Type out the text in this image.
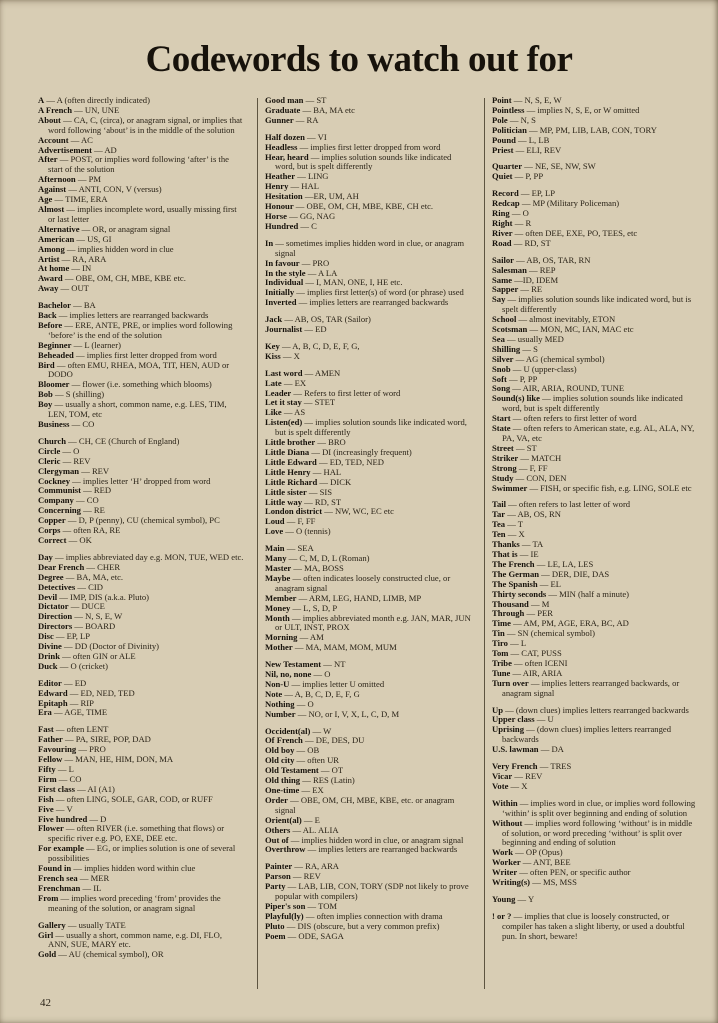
Codewords to watch out for
A — A (often directly indicated)
A French — UN, UNE
About — CA, C, (circa), or anagram signal, or implies that word following ‘about’ is in the middle of the solution
Account — AC
Advertisement — AD
After — POST, or implies word following ‘after’ is the start of the solution
Afternoon — PM
Against — ANTI, CON, V (versus)
Age — TIME, ERA
Almost — implies incomplete word, usually missing first or last letter
Alternative — OR, or anagram signal
American — US, GI
Among — implies hidden word in clue
Artist — RA, ARA
At home — IN
Award — OBE, OM, CH, MBE, KBE etc.
Away — OUT
Bachelor — BA
Back — implies letters are rearranged backwards
Before — ERE, ANTE, PRE, or implies word following ‘before’ is the end of the solution
Beginner — L (learner)
Beheaded — implies first letter dropped from word
Bird — often EMU, RHEA, MOA, TIT, HEN, AUD or DODO
Bloomer — flower (i.e. something which blooms)
Bob — S (shilling)
Boy — usually a short, common name, e.g. LES, TIM, LEN, TOM, etc
Business — CO
Church — CH, CE (Church of England)
Circle — O
Cleric — REV
Clergyman — REV
Cockney — implies letter ‘H’ dropped from word
Communist — RED
Company — CO
Concerning — RE
Copper — D, P (penny), CU (chemical symbol), PC
Corps — often RA, RE
Correct — OK
Day — implies abbreviated day e.g. MON, TUE, WED etc.
Dear French — CHER
Degree — BA, MA, etc.
Detectives — CID
Devil — IMP, DIS (a.k.a. Pluto)
Dictator — DUCE
Direction — N, S, E, W
Directors — BOARD
Disc — EP, LP
Divine — DD (Doctor of Divinity)
Drink — often GIN or ALE
Duck — O (cricket)
Editor — ED
Edward — ED, NED, TED
Epitaph — RIP
Era — AGE, TIME
Fast — often LENT
Father — PA, SIRE, POP, DAD
Favouring — PRO
Fellow — MAN, HE, HIM, DON, MA
Fifty — L
Firm — CO
First class — AI (A1)
Fish — often LING, SOLE, GAR, COD, or RUFF
Five — V
Five hundred — D
Flower — often RIVER (i.e. something that flows) or specific river e.g. PO, EXE, DEE etc.
For example — EG, or implies solution is one of several possibilities
Found in — implies hidden word within clue
French sea — MER
Frenchman — IL
From — implies word preceding ‘from’ provides the meaning of the solution, or anagram signal
Gallery — usually TATE
Girl — usually a short, common name, e.g. DI, FLO, ANN, SUE, MARY etc.
Gold — AU (chemical symbol), OR
Good man — ST
Graduate — BA, MA etc
Gunner — RA
Half dozen — VI
Headless — implies first letter dropped from word
Hear, heard — implies solution sounds like indicated word, but is spelt differently
Heather — LING
Henry — HAL
Hesitation —ER, UM, AH
Honour — OBE, OM, CH, MBE, KBE, CH etc.
Horse — GG, NAG
Hundred — C
In — sometimes implies hidden word in clue, or anagram signal
In favour — PRO
In the style — A LA
Individual — I, MAN, ONE, I, HE etc.
Initially — implies first letter(s) of word (or phrase) used
Inverted — implies letters are rearranged backwards
Jack — AB, OS, TAR (Sailor)
Journalist — ED
Key — A, B, C, D, E, F, G,
Kiss — X
Last word — AMEN
Late — EX
Leader — Refers to first letter of word
Let it stay — STET
Like — AS
Listen(ed) — implies solution sounds like indicated word, but is spelt differently
Little brother — BRO
Little Diana — DI (increasingly frequent)
Little Edward — ED, TED, NED
Little Henry — HAL
Little Richard — DICK
Little sister — SIS
Little way — RD, ST
London district — NW, WC, EC etc
Loud — F, FF
Love — O (tennis)
Main — SEA
Many — C, M, D, L (Roman)
Master — MA, BOSS
Maybe — often indicates loosely constructed clue, or anagram signal
Member — ARM, LEG, HAND, LIMB, MP
Money — L, S, D, P
Month — implies abbreviated month e.g. JAN, MAR, JUN or ULT, INST, PROX
Morning — AM
Mother — MA, MAM, MOM, MUM
New Testament — NT
Nil, no, none — O
Non-U — implies letter U omitted
Note — A, B, C, D, E, F, G
Nothing — O
Number — NO, or I, V, X, L, C, D, M
Occident(al) — W
Of French — DE, DES, DU
Old boy — OB
Old city — often UR
Old Testament — OT
Old thing — RES (Latin)
One-time — EX
Order — OBE, OM, CH, MBE, KBE, etc. or anagram signal
Orient(al) — E
Others — AL. ALIA
Out of — implies hidden word in clue, or anagram signal
Overthrow — implies letters are rearranged backwards
Painter — RA, ARA
Parson — REV
Party — LAB, LIB, CON, TORY (SDP not likely to prove popular with compilers)
Piper's son — TOM
Playful(ly) — often implies connection with drama
Pluto — DIS (obscure, but a very common prefix)
Poem — ODE, SAGA
Point — N, S, E, W
Pointless — implies N, S, E, or W omitted
Pole — N, S
Politician — MP, PM, LIB, LAB, CON, TORY
Pound — L, LB
Priest — ELI, REV
Quarter — NE, SE, NW, SW
Quiet — P, PP
Record — EP, LP
Redcap — MP (Military Policeman)
Ring — O
Right — R
River — often DEE, EXE, PO, TEES, etc
Road — RD, ST
Sailor — AB, OS, TAR, RN
Salesman — REP
Same —ID, IDEM
Sapper — RE
Say — implies solution sounds like indicated word, but is spelt differently
School — almost inevitably, ETON
Scotsman — MON, MC, IAN, MAC etc
Sea — usually MED
Shilling — S
Silver — AG (chemical symbol)
Snob — U (upper-class)
Soft — P, PP
Song — AIR, ARIA, ROUND, TUNE
Sound(s) like — implies solution sounds like indicated word, but is spelt differently
Start — often refers to first letter of word
State — often refers to American state, e.g. AL, ALA, NY, PA, VA, etc
Street — ST
Striker — MATCH
Strong — F, FF
Study — CON, DEN
Swimmer — FISH, or specific fish, e.g. LING, SOLE etc
Tail — often refers to last letter of word
Tar — AB, OS, RN
Tea — T
Ten — X
Thanks — TA
That is — IE
The French — LE, LA, LES
The German — DER, DIE, DAS
The Spanish — EL
Thirty seconds — MIN (half a minute)
Thousand — M
Through — PER
Time — AM, PM, AGE, ERA, BC, AD
Tin — SN (chemical symbol)
Tiro — L
Tom — CAT, PUSS
Tribe — often ICENI
Tune — AIR, ARIA
Turn over — implies letters rearranged backwards, or anagram signal
Up — (down clues) implies letters rearranged backwards
Upper class — U
Uprising — (down clues) implies letters rearranged backwards
U.S. lawman — DA
Very French — TRES
Vicar — REV
Vote — X
Within — implies word in clue, or implies word following ‘within’ is split over beginning and ending of solution
Without — implies word following ‘without’ is in middle of solution, or word preceding ‘without’ is split over beginning and ending of solution
Work — OP (Opus)
Worker — ANT, BEE
Writer — often PEN, or specific author
Writing(s) — MS, MSS
Young — Y
! or ? — implies that clue is loosely constructed, or compiler has taken a slight liberty, or used a doubtful pun. In short, beware!
42
